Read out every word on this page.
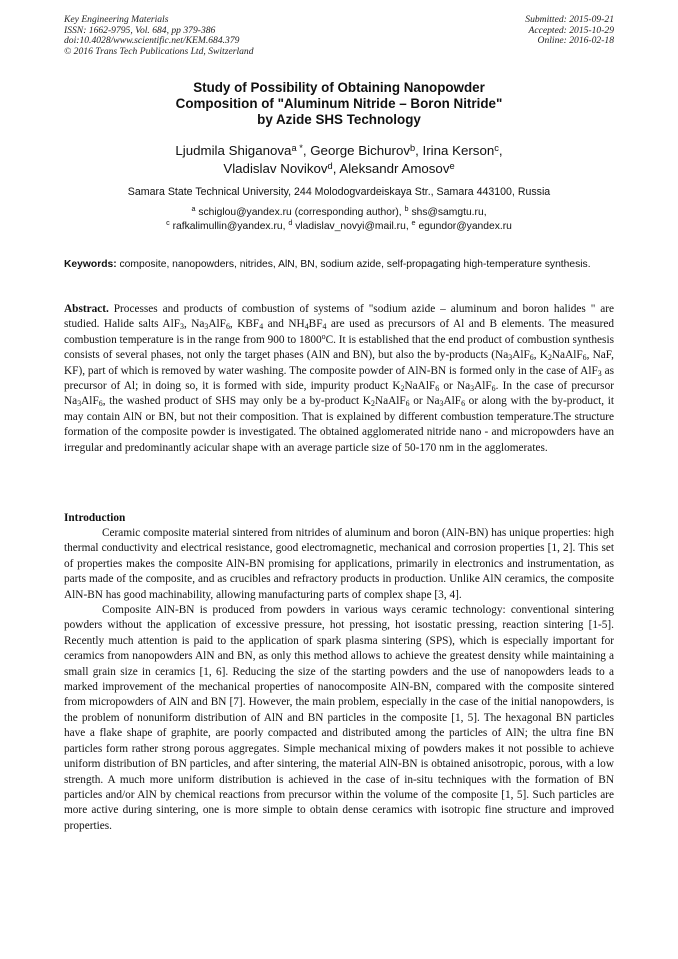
Key Engineering Materials
ISSN: 1662-9795, Vol. 684, pp 379-386
doi:10.4028/www.scientific.net/KEM.684.379
© 2016 Trans Tech Publications Ltd, Switzerland
Submitted: 2015-09-21
Accepted: 2015-10-29
Online: 2016-02-18
Study of Possibility of Obtaining Nanopowder
Composition of "Aluminum Nitride – Boron Nitride"
by Azide SHS Technology
Ljudmila Shiganova$^{a *}$, George Bichurov$^b$, Irina Kerson$^c$,
Vladislav Novikov$^d$, Aleksandr Amosov$^e$
Samara State Technical University, 244 Molodogvardeiskaya Str., Samara 443100, Russia
$^a$ schiglou@yandex.ru (corresponding author), $^b$ shs@samgtu.ru,
$^c$ rafkalimullin@yandex.ru, $^d$ vladislav_novyi@mail.ru, $^e$ egundor@yandex.ru
Keywords: composite, nanopowders, nitrides, AlN, BN, sodium azide, self-propagating high-temperature synthesis.

Abstract. Processes and products of combustion of systems of "sodium azide – aluminum and boron halides " are studied. Halide salts AlF$_3$, $Na_3AlF_6$, $KBF_4$ and $NH_4BF_4$ are used as precursors of Al and B elements. The measured combustion temperature is in the range from 900 to 1800$^o$C. It is established that the end product of combustion synthesis consists of several phases, not only the target phases (AlN and BN), but also the by-products ($Na_3AlF_6$, $K_2NaAlF_6$, NaF, KF), part of which is removed by water washing. The composite powder of AlN-BN is formed only in the case of AlF$_3$ as precursor of Al; in doing so, it is formed with side, impurity product $K_2NaAlF_6$ or $Na_3AlF_6$. In the case of precursor $Na_3AlF_6$, the washed product of SHS may only be a by-product $K_2NaAlF_6$ or $Na_3AlF_6$ or along with the by-product, it may contain AlN or BN, but not their composition. That is explained by different combustion temperature.The structure formation of the composite powder is investigated. The obtained agglomerated nitride nano - and micropowders have an irregular and predominantly acicular shape with an average particle size of 50-170 nm in the agglomerates.

Introduction

Ceramic composite material sintered from nitrides of aluminum and boron (AlN-BN) has unique properties: high thermal conductivity and electrical resistance, good electromagnetic, mechanical and corrosion properties [1, 2]. This set of properties makes the composite AlN-BN promising for applications, primarily in electronics and instrumentation, as parts made of the composite, and as crucibles and refractory products in production. Unlike AlN ceramics, the composite AlN-BN has good machinability, allowing manufacturing parts of complex shape [3, 4].

Composite AlN-BN is produced from powders in various ways ceramic technology: conventional sintering powders without the application of excessive pressure, hot pressing, hot isostatic pressing, reaction sintering [1-5]. Recently much attention is paid to the application of spark plasma sintering (SPS), which is especially important for ceramics from nanopowders AlN and BN, as only this method allows to achieve the greatest density while maintaining a small grain size in ceramics [1, 6]. Reducing the size of the starting powders and the use of nanopowders leads to a marked improvement of the mechanical properties of nanocomposite AlN-BN, compared with the composite sintered from micropowders of AlN and BN [7]. However, the main problem, especially in the case of the initial nanopowders, is the problem of nonuniform distribution of AlN and BN particles in the composite [1, 5]. The hexagonal BN particles have a flake shape of graphite, are poorly compacted and distributed among the particles of AlN; the ultra fine BN particles form rather strong porous aggregates. Simple mechanical mixing of powders makes it not possible to achieve uniform distribution of BN particles, and after sintering, the material AlN-BN is obtained anisotropic, porous, with a low strength. A much more uniform distribution is achieved in the case of in-situ techniques with the formation of BN particles and/or AlN by chemical reactions from precursor within the volume of the composite [1, 5]. Such particles are more active during sintering, one is more simple to obtain dense ceramics with isotropic fine structure and improved properties.
